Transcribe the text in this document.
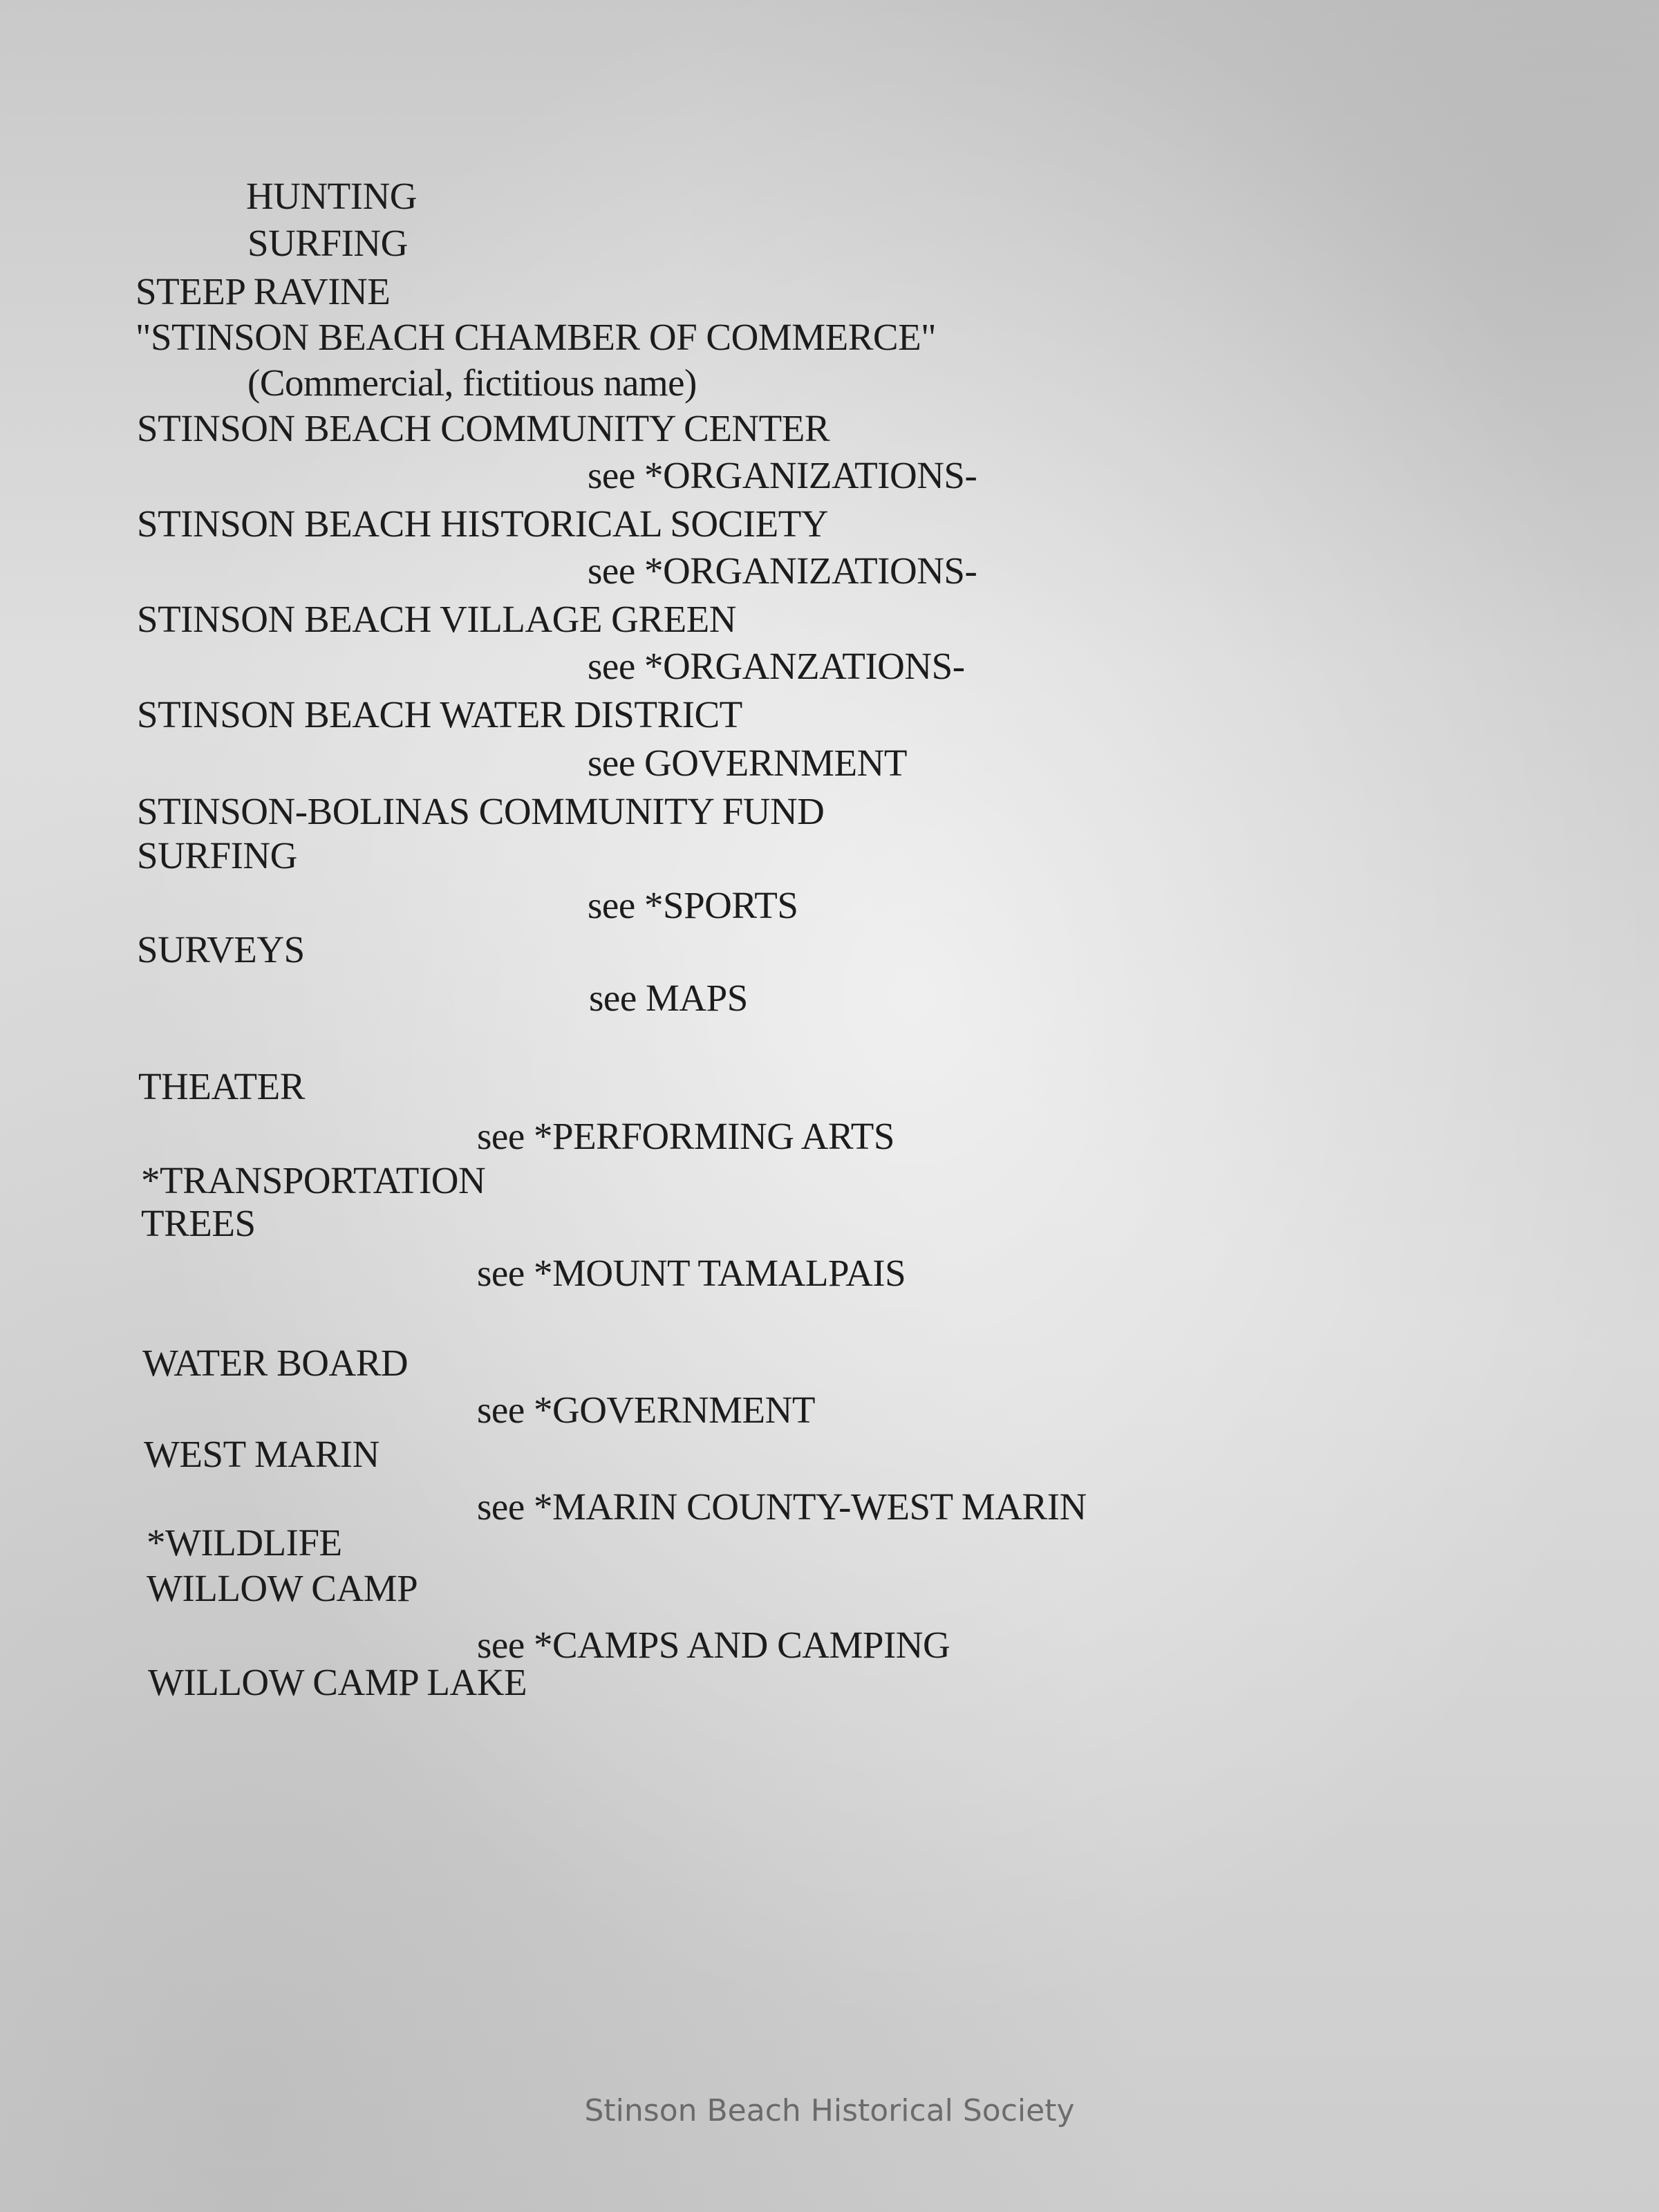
HUNTING

SURFING

STEEP RAVINE

"STINSON BEACH CHAMBER OF COMMERCE"

(Commercial, fictitious name)

STINSON BEACH COMMUNITY CENTER

see *ORGANIZATIONS-

STINSON BEACH HISTORICAL SOCIETY

see *ORGANIZATIONS-

STINSON BEACH VILLAGE GREEN

see *ORGANZATIONS-

STINSON BEACH WATER DISTRICT

see GOVERNMENT

STINSON-BOLINAS COMMUNITY FUND

SURFING

see *SPORTS

SURVEYS

see MAPS

THEATER

see *PERFORMING ARTS

*TRANSPORTATION

TREES

see *MOUNT TAMALPAIS

WATER BOARD

see *GOVERNMENT

WEST MARIN

see *MARIN COUNTY-WEST MARIN

*WILDLIFE

WILLOW CAMP

see *CAMPS AND CAMPING

WILLOW CAMP LAKE

Stinson Beach Historical Society
